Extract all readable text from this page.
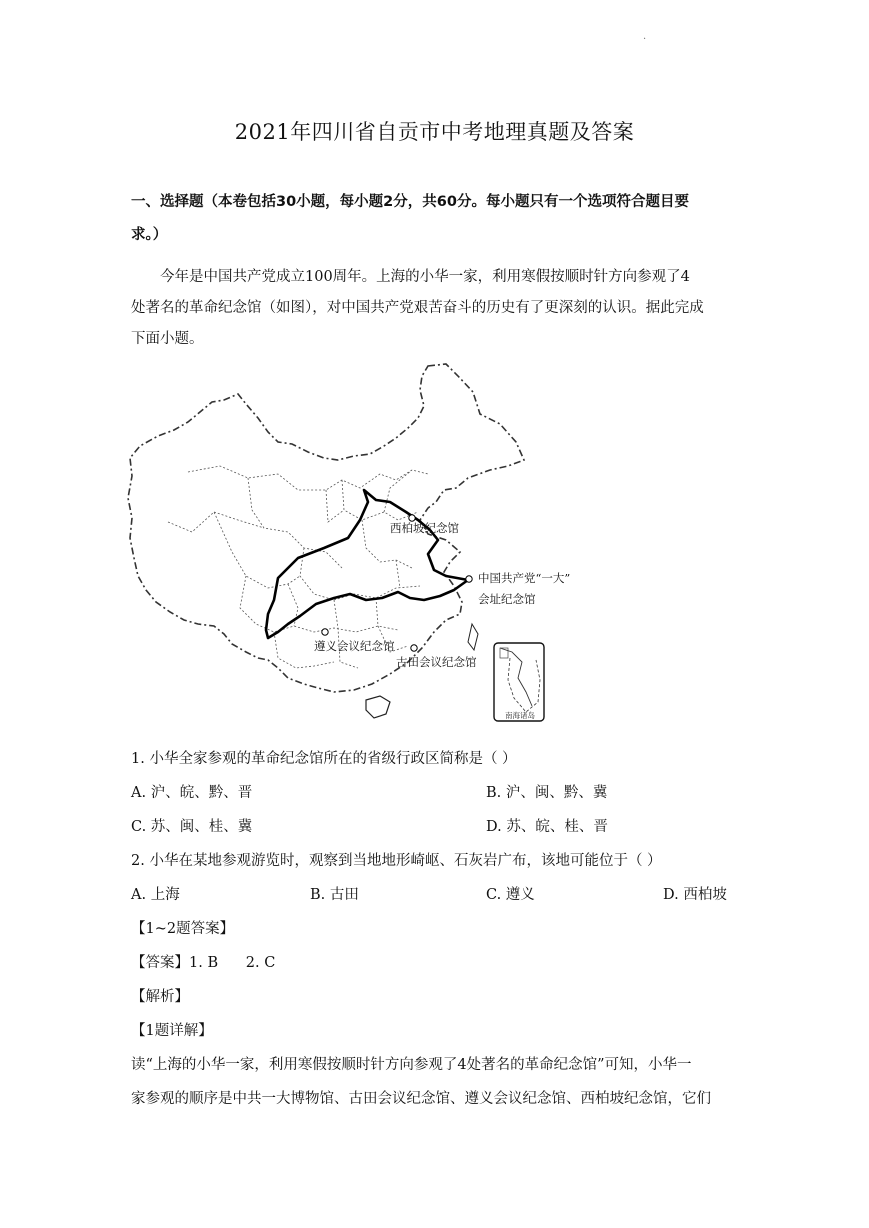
·
2021年四川省自贡市中考地理真题及答案
一、选择题（本卷包括30小题，每小题2分，共60分。每小题只有一个选项符合题目要
求。）
今年是中国共产党成立100周年。上海的小华一家，利用寒假按顺时针方向参观了4
处著名的革命纪念馆（如图），对中国共产党艰苦奋斗的历史有了更深刻的认识。据此完成
下面小题。
西柏坡纪念馆
中国共产党“一大”
会址纪念馆
遵义会议纪念馆
古田会议纪念馆
南海诸岛
1. 小华全家参观的革命纪念馆所在的省级行政区简称是（ ）
A. 沪、皖、黔、晋	B. 沪、闽、黔、冀
C. 苏、闽、桂、冀	D. 苏、皖、桂、晋
2. 小华在某地参观游览时，观察到当地地形崎岖、石灰岩广布，该地可能位于（ ）
A. 上海	B. 古田	C. 遵义	D. 西柏坡
【1~2题答案】
【答案】1. B      2. C
【解析】
【1题详解】
读“上海的小华一家，利用寒假按顺时针方向参观了4处著名的革命纪念馆”可知，小华一
家参观的顺序是中共一大博物馆、古田会议纪念馆、遵义会议纪念馆、西柏坡纪念馆，它们
